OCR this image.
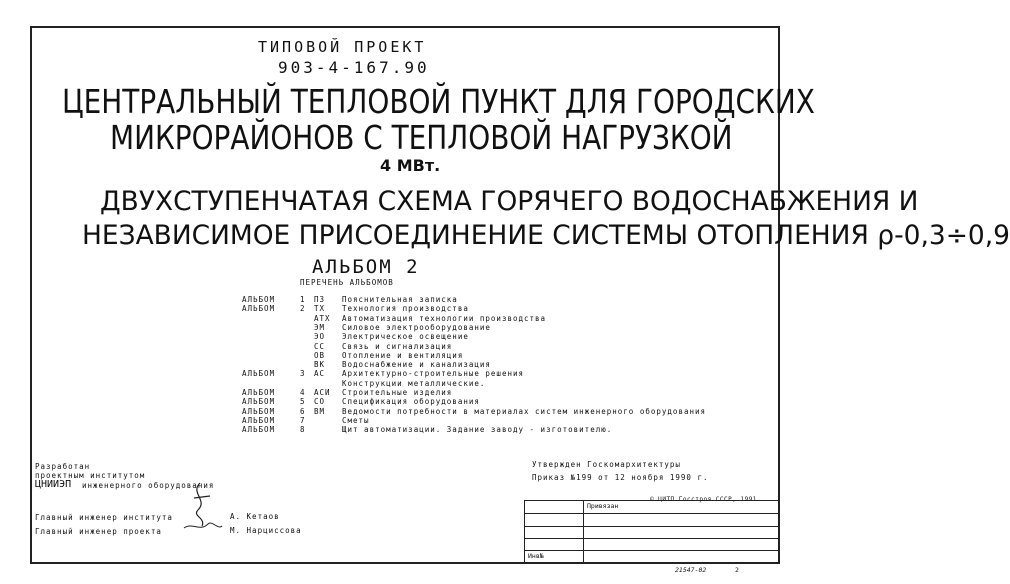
ТИПОВОЙ ПРОЕКТ
903-4-167.90
ЦЕНТРАЛЬНЫЙ ТЕПЛОВОЙ ПУНКТ ДЛЯ ГОРОДСКИХ
МИКРОРАЙОНОВ С ТЕПЛОВОЙ НАГРУЗКОЙ
4 МВт.
ДВУХСТУПЕНЧАТАЯ СХЕМА ГОРЯЧЕГО ВОДОСНАБЖЕНИЯ И
НЕЗАВИСИМОЕ ПРИСОЕДИНЕНИЕ СИСТЕМЫ ОТОПЛЕНИЯ ρ-0,3÷0,9
АЛЬБОМ 2
ПЕРЕЧЕНЬ АЛЬБОМОВ
АЛЬБОМ	1 ПЗ Пояснительная записка
АЛЬБОМ	2 ТХ Технология производства
АТХ Автоматизация технологии производства
ЭМ Силовое электрооборудование
ЭО Электрическое освещение
СС Связь и сигнализация
ОВ Отопление и вентиляция
ВК Водоснабжение и канализация
АЛЬБОМ	3 АС Архитектурно-строительные решения
Конструкции металлические.
АЛЬБОМ	4 АСИ Строительные изделия
АЛЬБОМ	5 СО Спецификация оборудования
АЛЬБОМ	6 ВМ Ведомости потребности в материалах систем инженерного оборудования
АЛЬБОМ	7	Сметы
АЛЬБОМ	8	Щит автоматизации. Задание заводу - изготовителю.
Разработан
проектным институтом
ЦНИИЭП инженерного оборудования
Утвержден Госкомархитектуры
Приказ №199 от 12 ноября 1990 г.
© ЦИТП Госстроя СССР, 1991
Главный инженер института
Главный инженер проекта
А. Кетаов
М. Нарциссова
Привязан
Инв№
21547-02	2
